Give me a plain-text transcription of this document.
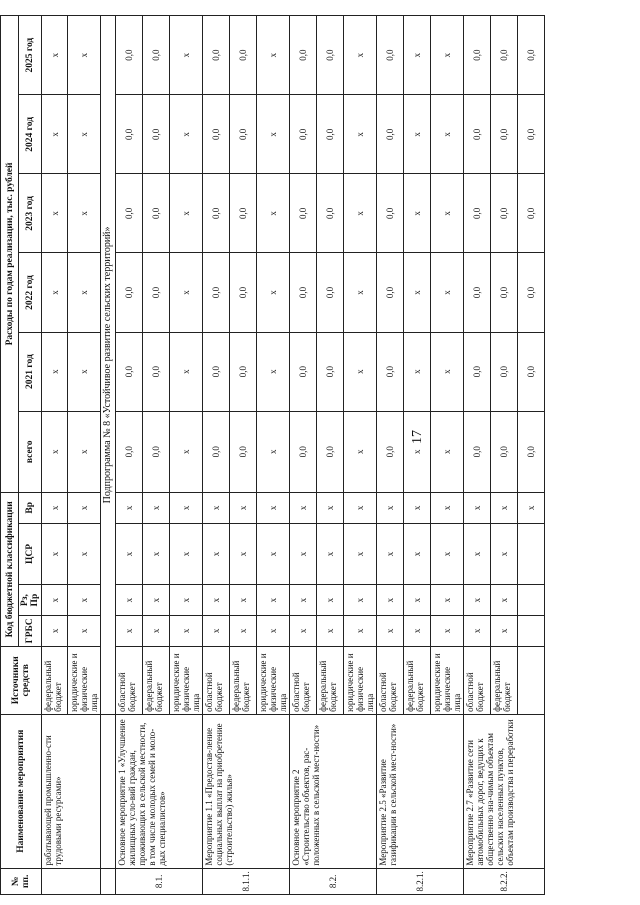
17
№ пп.	Наименование мероприятия	Источники средств	Код бюджетной классификации				Расходы по годам реализации, тыс. рублей					
			ГРБС	Рз, Пр	ЦСР	Вр	всего	2021 год	2022 год	2023 год	2024 год	2025 год
	рабатывающей промышленно-сти трудовыми ресурсами»	федеральный бюджет	x	x	x	x	x	x	x	x	x	x
		юридические и физические лица	x	x	x	x	x	x	x	x	x	x
		Подпрограмма № 8 «Устойчивое развитие сельских территорий»										
8.1.	Основное мероприятие 1 «Улучшение жилищных усло-вий граждан, проживающих в сельской местности, в том числе молодых семей и моло-дых специалистов»	областной бюджет	x	x	x	x	0,0	0,0	0,0	0,0	0,0	0,0
		федеральный бюджет	x	x	x	x	0,0	0,0	0,0	0,0	0,0	0,0
		юридические и физические лица	x	x	x	x	x	x	x	x	x	x
8.1.1.	Мероприятие 1.1 «Предостав-ление социальных выплат на приобретение (строительство) жилья»	областной бюджет	x	x	x	x	0,0	0,0	0,0	0,0	0,0	0,0
		федеральный бюджет	x	x	x	x	0,0	0,0	0,0	0,0	0,0	0,0
		юридические и физические лица	x	x	x	x	x	x	x	x	x	x
8.2.	Основное мероприятие 2 «Строительство объектов, рас-положенных в сельской мест-ности»	областной бюджет	x	x	x	x	0,0	0,0	0,0	0,0	0,0	0,0
		федеральный бюджет	x	x	x	x	0,0	0,0	0,0	0,0	0,0	0,0
		юридические и физические лица	x	x	x	x	x	x	x	x	x	x
8.2.1.	Мероприятие 2.5 «Развитие газификации в сельской мест-ности»	областной бюджет	x	x	x	x	0,0	0,0	0,0	0,0	0,0	0,0
		федеральный бюджет	x	x	x	x	x	x	x	x	x	x
		юридические и физические лица	x	x	x	x	x	x	x	x	x	x
8.2.2.	Мероприятие 2.7 «Развитие сети автомобильных дорог, ведущих к общественно зна-чимым объектам сельских населенных пунктов, объектам производства и переработки	областной бюджет	x	x	x	x	0,0	0,0	0,0	0,0	0,0	0,0
		федеральный бюджет	x	x	x	x	0,0	0,0	0,0	0,0	0,0	0,0
						x	0,0	0,0	0,0	0,0	0,0	0,0
